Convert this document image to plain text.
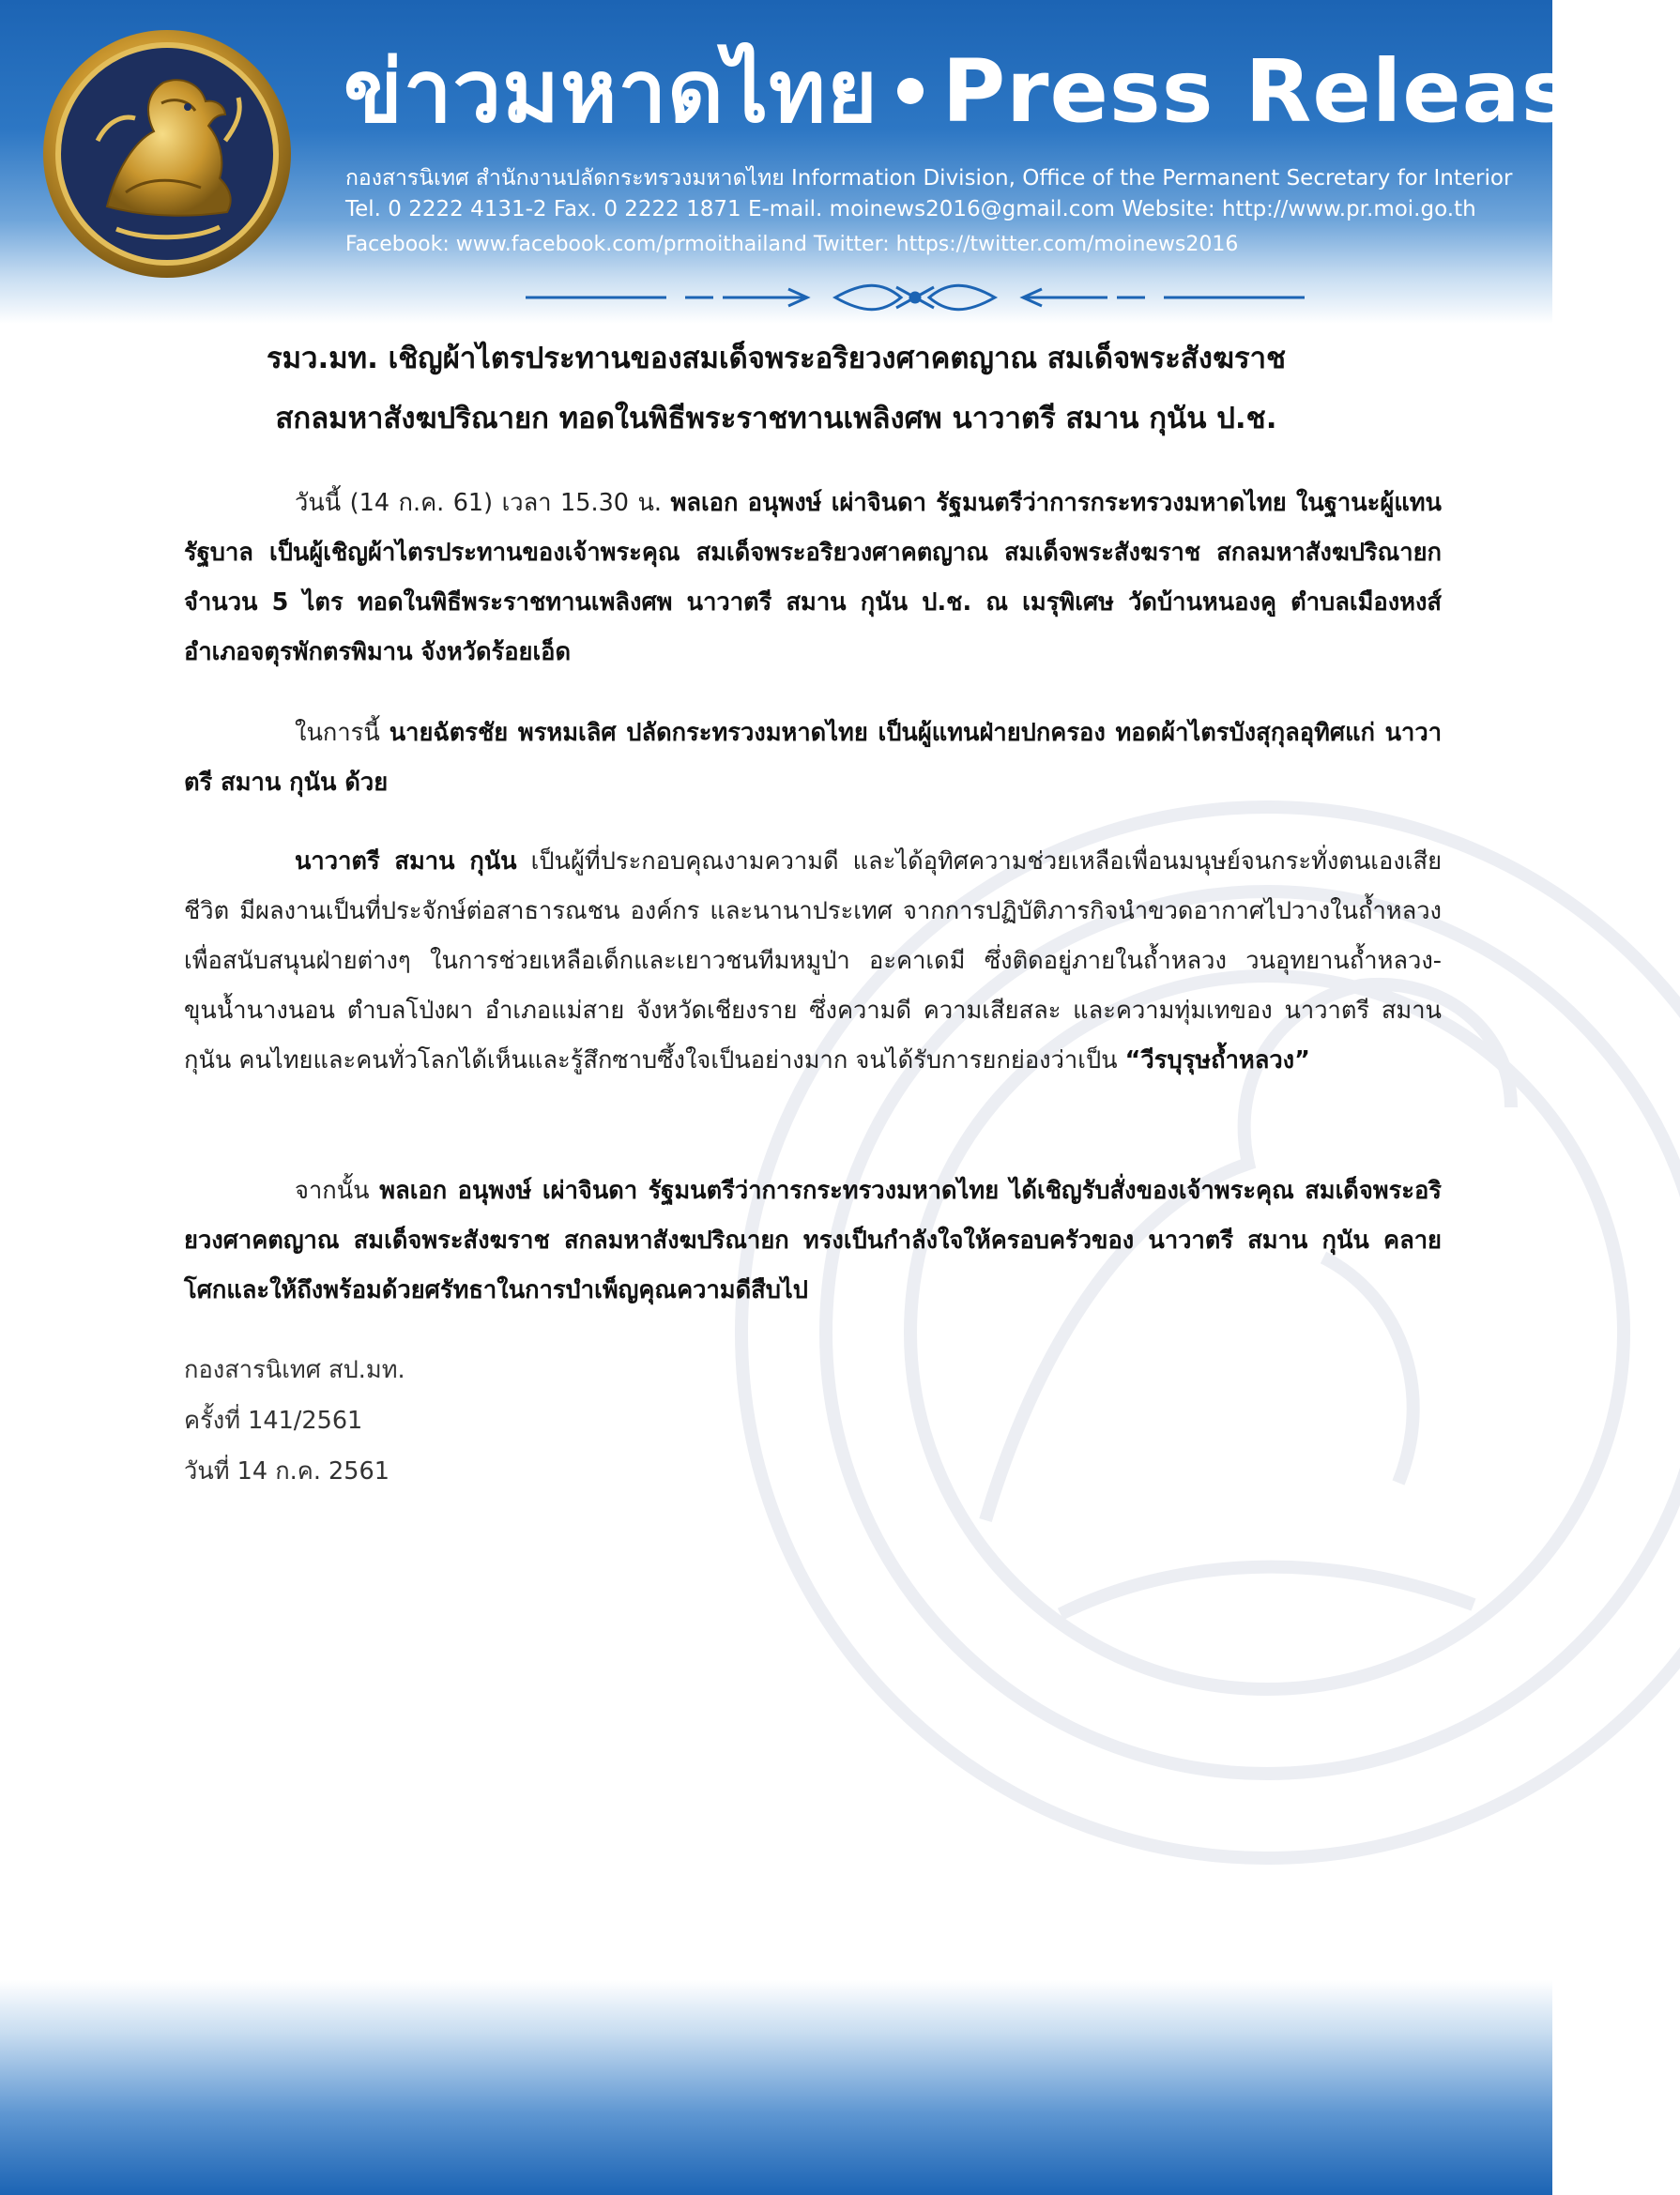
ข่าวมหาดไทย Press Release
กองสารนิเทศ สำนักงานปลัดกระทรวงมหาดไทย Information Division, Office of the Permanent Secretary for Interior
Tel. 0 2222 4131-2 Fax. 0 2222 1871 E-mail. moinews2016@gmail.com Website: http://www.pr.moi.go.th
Facebook: www.facebook.com/prmoithailand Twitter: https://twitter.com/moinews2016
รมว.มท. เชิญผ้าไตรประทานของสมเด็จพระอริยวงศาคตญาณ สมเด็จพระสังฆราช
สกลมหาสังฆปริณายก ทอดในพิธีพระราชทานเพลิงศพ นาวาตรี สมาน กุนัน ป.ช.
วันนี้ (14 ก.ค. 61) เวลา 15.30 น. พลเอก อนุพงษ์ เผ่าจินดา รัฐมนตรีว่าการกระทรวงมหาดไทย ในฐานะผู้แทนรัฐบาล เป็นผู้เชิญผ้าไตรประทานของเจ้าพระคุณ สมเด็จพระอริยวงศาคตญาณ สมเด็จพระสังฆราช สกลมหาสังฆปริณายก จำนวน 5 ไตร ทอดในพิธีพระราชทานเพลิงศพ นาวาตรี สมาน กุนัน ป.ช. ณ เมรุพิเศษ วัดบ้านหนองคู ตำบลเมืองหงส์ อำเภอจตุรพักตรพิมาน จังหวัดร้อยเอ็ด
ในการนี้ นายฉัตรชัย พรหมเลิศ ปลัดกระทรวงมหาดไทย เป็นผู้แทนฝ่ายปกครอง ทอดผ้าไตรบังสุกุลอุทิศแก่ นาวาตรี สมาน กุนัน ด้วย
นาวาตรี สมาน กุนัน เป็นผู้ที่ประกอบคุณงามความดี และได้อุทิศความช่วยเหลือเพื่อนมนุษย์จนกระทั่งตนเองเสียชีวิต มีผลงานเป็นที่ประจักษ์ต่อสาธารณชน องค์กร และนานาประเทศ จากการปฏิบัติภารกิจนำขวดอากาศไปวางในถ้ำหลวงเพื่อสนับสนุนฝ่ายต่างๆ ในการช่วยเหลือเด็กและเยาวชนทีมหมูป่า อะคาเดมี ซึ่งติดอยู่ภายในถ้ำหลวง วนอุทยานถ้ำหลวง-ขุนน้ำนางนอน ตำบลโป่งผา อำเภอแม่สาย จังหวัดเชียงราย ซึ่งความดี ความเสียสละ และความทุ่มเทของ นาวาตรี สมาน กุนัน คนไทยและคนทั่วโลกได้เห็นและรู้สึกซาบซึ้งใจเป็นอย่างมาก จนได้รับการยกย่องว่าเป็น “วีรบุรุษถ้ำหลวง”
จากนั้น พลเอก อนุพงษ์ เผ่าจินดา รัฐมนตรีว่าการกระทรวงมหาดไทย ได้เชิญรับสั่งของเจ้าพระคุณ สมเด็จพระอริยวงศาคตญาณ สมเด็จพระสังฆราช สกลมหาสังฆปริณายก ทรงเป็นกำลังใจให้ครอบครัวของ นาวาตรี สมาน กุนัน คลายโศกและให้ถึงพร้อมด้วยศรัทธาในการบำเพ็ญคุณความดีสืบไป
กองสารนิเทศ สป.มท.
ครั้งที่ 141/2561
วันที่ 14 ก.ค. 2561
